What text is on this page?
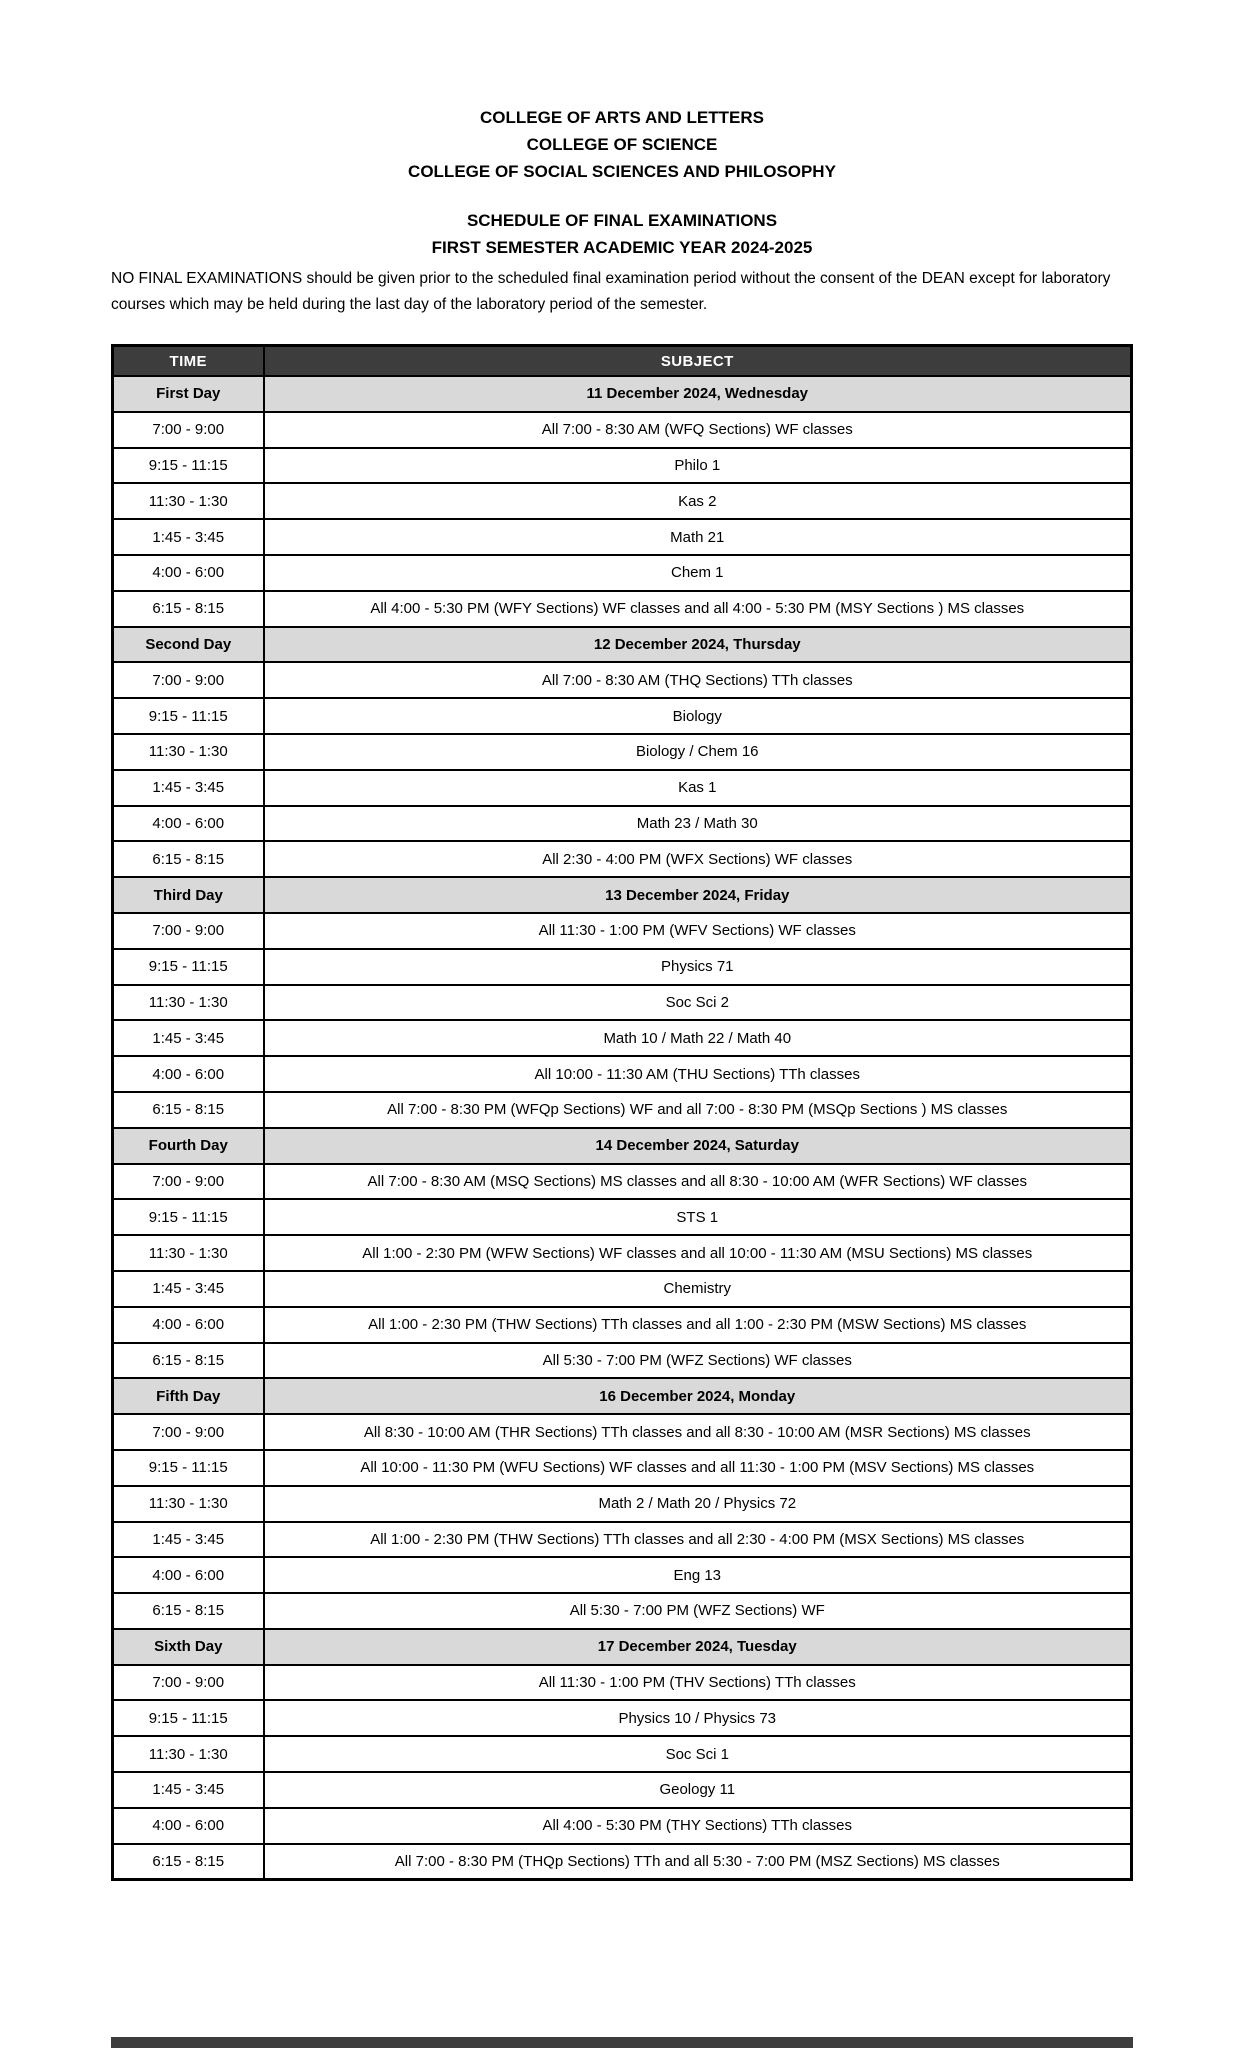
COLLEGE OF ARTS AND LETTERS
COLLEGE OF SCIENCE
COLLEGE OF SOCIAL SCIENCES AND PHILOSOPHY
SCHEDULE OF FINAL EXAMINATIONS
FIRST SEMESTER ACADEMIC YEAR 2024-2025
NO FINAL EXAMINATIONS should be given prior to the scheduled final examination period without the consent of the DEAN except for laboratory courses which may be held during the last day of the laboratory period of the semester.
TIME	SUBJECT
First Day	11 December 2024, Wednesday
7:00 - 9:00	All 7:00 - 8:30 AM (WFQ Sections) WF classes
9:15 - 11:15	Philo 1
11:30 - 1:30	Kas 2
1:45 - 3:45	Math 21
4:00 - 6:00	Chem 1
6:15 - 8:15	All 4:00 - 5:30 PM (WFY Sections) WF classes and all 4:00 - 5:30 PM (MSY Sections ) MS classes
Second Day	12 December 2024, Thursday
7:00 - 9:00	All 7:00 - 8:30 AM (THQ Sections) TTh classes
9:15 - 11:15	Biology
11:30 - 1:30	Biology / Chem 16
1:45 - 3:45	Kas 1
4:00 - 6:00	Math 23 / Math 30
6:15 - 8:15	All 2:30 - 4:00 PM (WFX Sections) WF classes
Third Day	13 December 2024, Friday
7:00 - 9:00	All 11:30 - 1:00 PM (WFV Sections) WF classes
9:15 - 11:15	Physics 71
11:30 - 1:30	Soc Sci 2
1:45 - 3:45	Math 10 / Math 22 / Math 40
4:00 - 6:00	All 10:00 - 11:30 AM (THU Sections) TTh classes
6:15 - 8:15	All 7:00 - 8:30 PM (WFQp Sections) WF and all 7:00 - 8:30 PM (MSQp Sections ) MS classes
Fourth Day	14 December 2024, Saturday
7:00 - 9:00	All 7:00 - 8:30 AM (MSQ Sections) MS classes and all 8:30 - 10:00 AM (WFR Sections) WF classes
9:15 - 11:15	STS 1
11:30 - 1:30	All 1:00 - 2:30 PM (WFW Sections) WF classes and all 10:00 - 11:30 AM (MSU Sections) MS classes
1:45 - 3:45	Chemistry
4:00 - 6:00	All 1:00 - 2:30 PM (THW Sections) TTh classes and all 1:00 - 2:30 PM (MSW Sections) MS classes
6:15 - 8:15	All 5:30 - 7:00 PM (WFZ Sections) WF classes
Fifth Day	16 December 2024, Monday
7:00 - 9:00	All 8:30 - 10:00 AM (THR Sections) TTh classes and all 8:30 - 10:00 AM (MSR Sections) MS classes
9:15 - 11:15	All 10:00 - 11:30 PM (WFU Sections) WF classes and all 11:30 - 1:00 PM (MSV Sections) MS classes
11:30 - 1:30	Math 2 / Math 20 / Physics 72
1:45 - 3:45	All 1:00 - 2:30 PM (THW Sections) TTh classes and all 2:30 - 4:00 PM (MSX Sections) MS classes
4:00 - 6:00	Eng 13
6:15 - 8:15	All 5:30 - 7:00 PM (WFZ Sections) WF
Sixth Day	17 December 2024, Tuesday
7:00 - 9:00	All 11:30 - 1:00 PM (THV Sections) TTh classes
9:15 - 11:15	Physics 10 / Physics 73
11:30 - 1:30	Soc Sci 1
1:45 - 3:45	Geology 11
4:00 - 6:00	All 4:00 - 5:30 PM (THY Sections) TTh classes
6:15 - 8:15	All 7:00 - 8:30 PM (THQp Sections) TTh and all 5:30 - 7:00 PM (MSZ Sections) MS classes
